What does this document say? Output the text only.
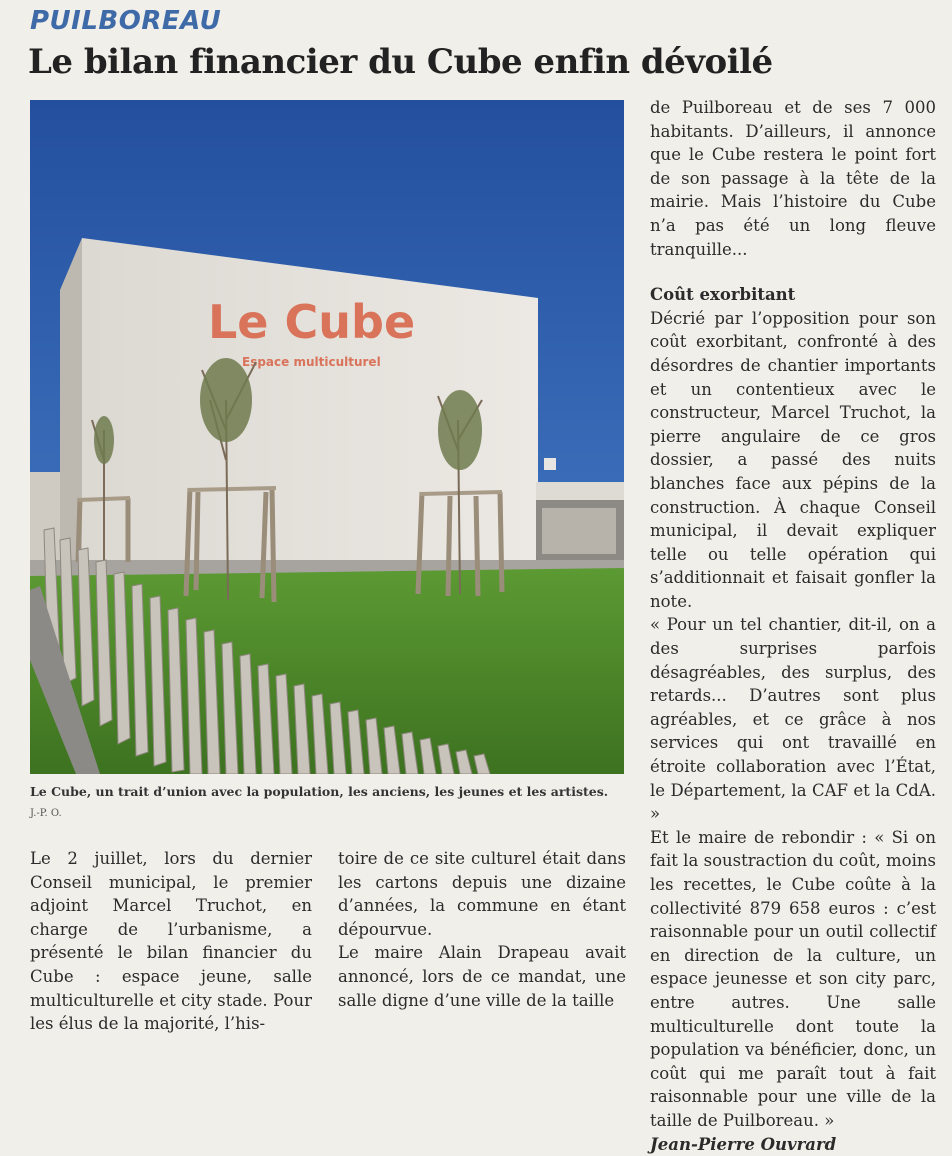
PUILBOREAU
Le bilan financier du Cube enfin dévoilé
Le Cube
Espace multiculturel
Le Cube, un trait d’union avec la population, les anciens, les jeunes et les artistes.
J.-P. O.

Le 2 juillet, lors du dernier Conseil municipal, le premier adjoint Marcel Truchot, en charge de l’urbanisme, a présenté le bilan financier du Cube : espace jeune, salle multiculturelle et city stade. Pour les élus de la majorité, l’his-

toire de ce site culturel était dans les cartons depuis une dizaine d’années, la commune en étant dépourvue.

Le maire Alain Drapeau avait annoncé, lors de ce mandat, une salle digne d’une ville de la taille

de Puilboreau et de ses 7 000 habitants. D’ailleurs, il annonce que le Cube restera le point fort de son passage à la tête de la mairie. Mais l’histoire du Cube n’a pas été un long fleuve tranquille...

Coût exorbitant

Décrié par l’opposition pour son coût exorbitant, confronté à des désordres de chantier importants et un contentieux avec le constructeur, Marcel Truchot, la pierre angulaire de ce gros dossier, a passé des nuits blanches face aux pépins de la construction. À chaque Conseil municipal, il devait expliquer telle ou telle opération qui s’additionnait et faisait gonfler la note.

« Pour un tel chantier, dit-il, on a des surprises parfois désagréables, des surplus, des retards... D’autres sont plus agréables, et ce grâce à nos services qui ont travaillé en étroite collaboration avec l’État, le Département, la CAF et la CdA. »

Et le maire de rebondir : « Si on fait la soustraction du coût, moins les recettes, le Cube coûte à la collectivité 879 658 euros : c’est raisonnable pour un outil collectif en direction de la culture, un espace jeunesse et son city parc, entre autres. Une salle multiculturelle dont toute la population va bénéficier, donc, un coût qui me paraît tout à fait raisonnable pour une ville de la taille de Puilboreau. »

Jean-Pierre Ouvrard
